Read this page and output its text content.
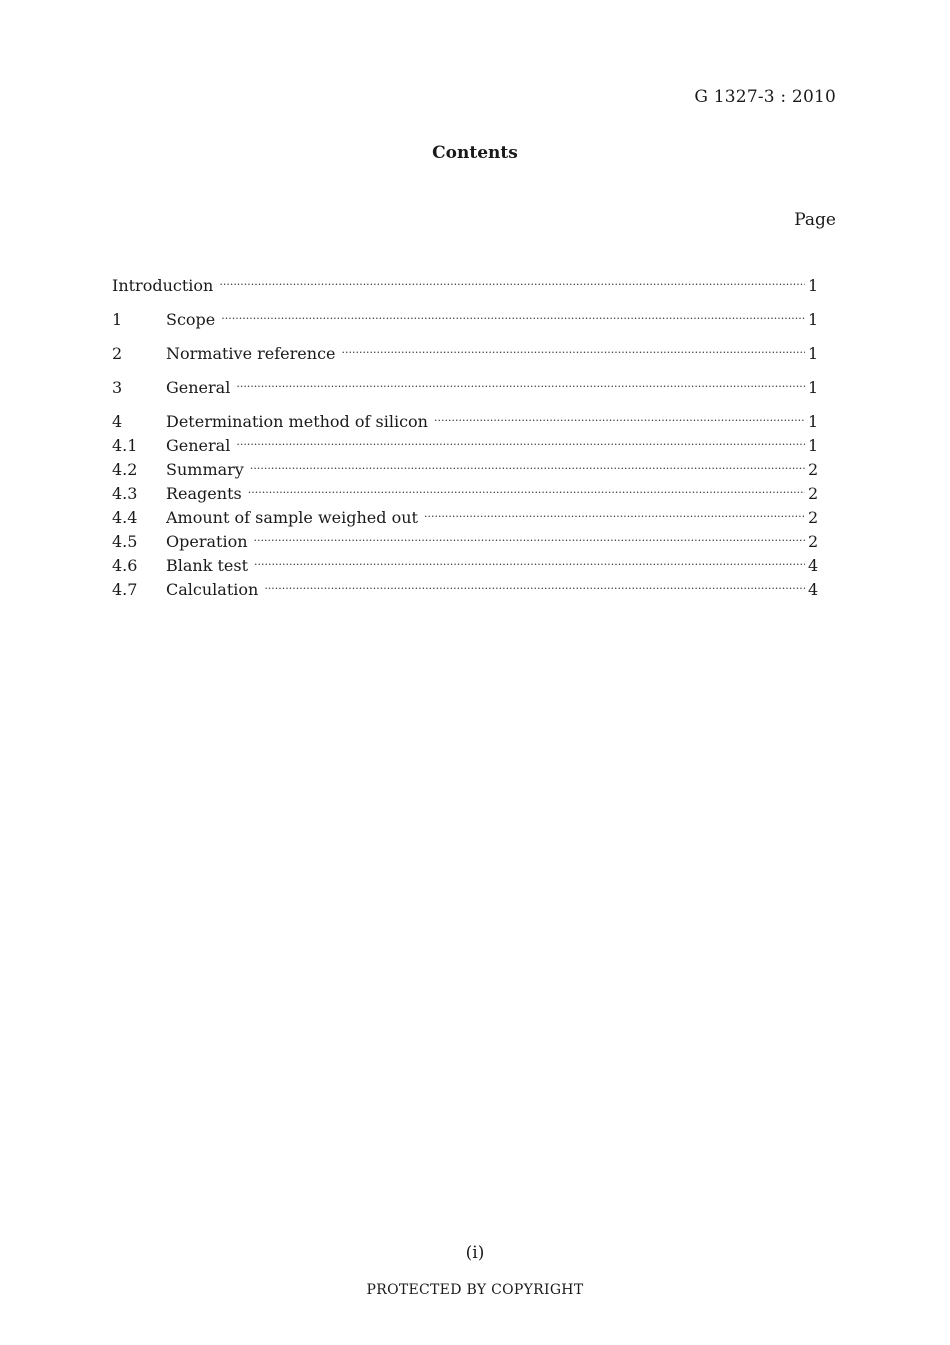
G 1327-3 : 2010
Contents
Page
Introduction ·····	1
1	Scope ·····	1
2	Normative reference ·····	1
3	General ·····	1
4	Determination method of silicon ·····	1
4.1	General ·····	1
4.2	Summary ·····	2
4.3	Reagents ·····	2
4.4	Amount of sample weighed out ·····	2
4.5	Operation ·····	2
4.6	Blank test ·····	4
4.7	Calculation ·····	4
(i)
PROTECTED BY COPYRIGHT
